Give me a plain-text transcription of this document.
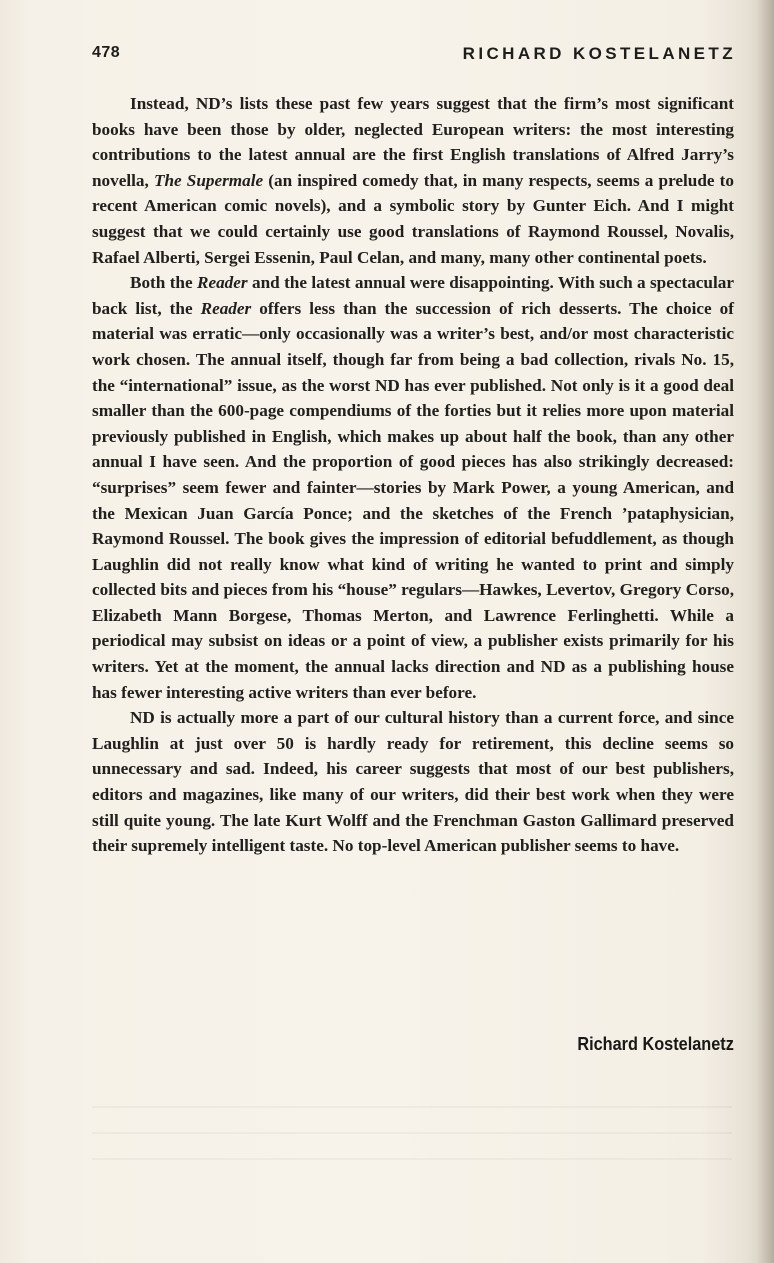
478	RICHARD KOSTELANETZ

Instead, ND’s lists these past few years suggest that the firm’s most significant books have been those by older, neglected European writers: the most interesting contributions to the latest annual are the first English translations of Alfred Jarry’s novella, The Supermale (an inspired comedy that, in many respects, seems a prelude to recent American comic novels), and a symbolic story by Gunter Eich. And I might suggest that we could certainly use good translations of Raymond Roussel, Novalis, Rafael Alberti, Sergei Essenin, Paul Celan, and many, many other continental poets.

Both the Reader and the latest annual were disappointing. With such a spectacular back list, the Reader offers less than the succession of rich desserts. The choice of material was erratic—only occasionally was a writer’s best, and/or most characteristic work chosen. The annual itself, though far from being a bad collection, rivals No. 15, the “international” issue, as the worst ND has ever published. Not only is it a good deal smaller than the 600-page compendiums of the forties but it relies more upon material previously published in English, which makes up about half the book, than any other annual I have seen. And the proportion of good pieces has also strikingly decreased: “surprises” seem fewer and fainter—stories by Mark Power, a young American, and the Mexican Juan García Ponce; and the sketches of the French ’pataphysician, Raymond Roussel. The book gives the impression of editorial befuddlement, as though Laughlin did not really know what kind of writing he wanted to print and simply collected bits and pieces from his “house” regulars—Hawkes, Levertov, Gregory Corso, Elizabeth Mann Borgese, Thomas Merton, and Lawrence Ferlinghetti. While a periodical may subsist on ideas or a point of view, a publisher exists primarily for his writers. Yet at the moment, the annual lacks direction and ND as a publishing house has fewer interesting active writers than ever before.

ND is actually more a part of our cultural history than a current force, and since Laughlin at just over 50 is hardly ready for retirement, this decline seems so unnecessary and sad. Indeed, his career suggests that most of our best publishers, editors and magazines, like many of our writers, did their best work when they were still quite young. The late Kurt Wolff and the Frenchman Gaston Gallimard preserved their supremely intelligent taste. No top-level American publisher seems to have.

Richard Kostelanetz
